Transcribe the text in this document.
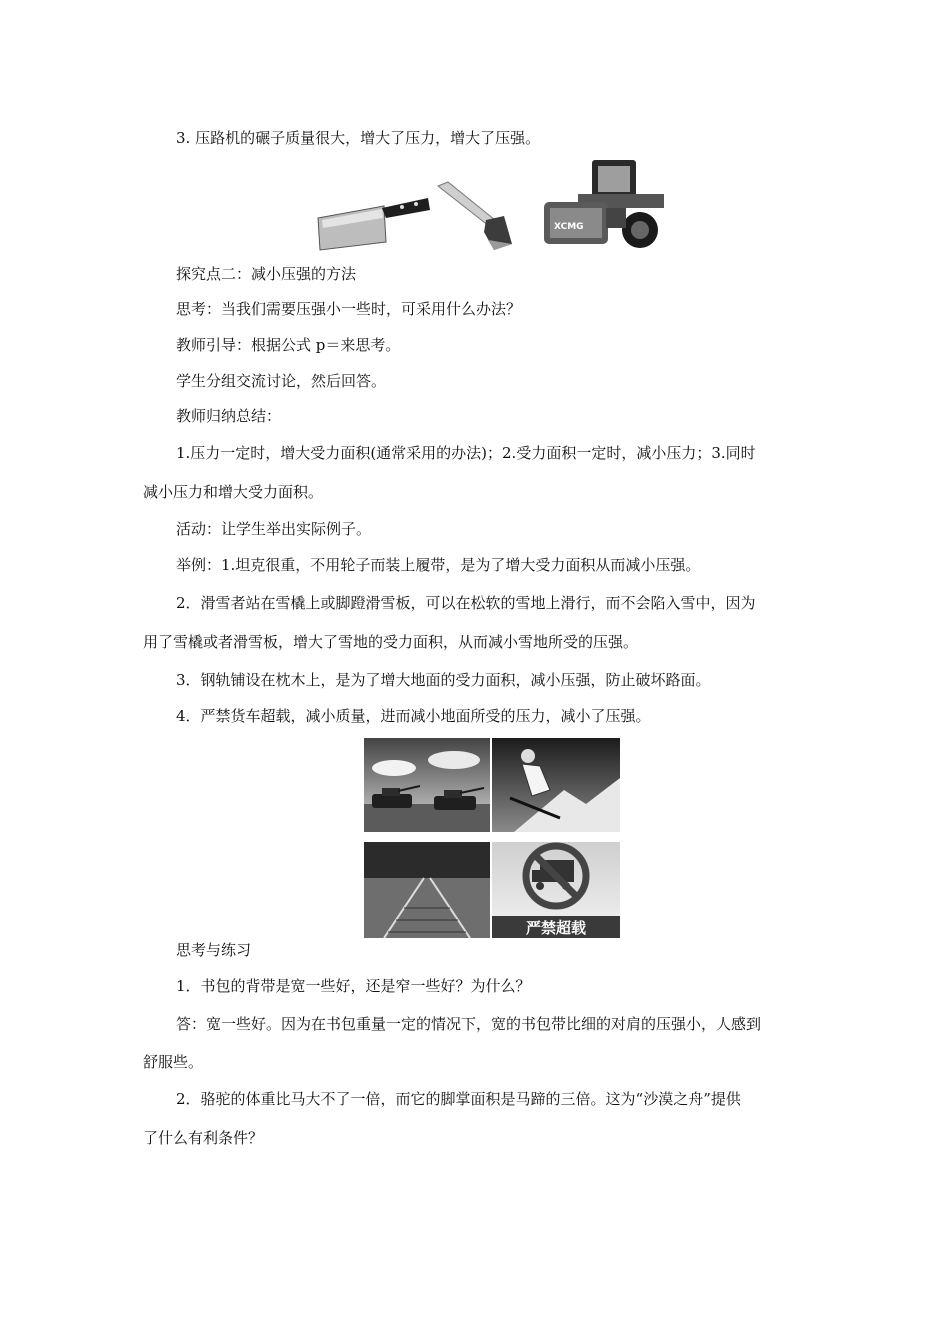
3. 压路机的碾子质量很大，增大了压力，增大了压强。
XCMG
探究点二：减小压强的方法
思考：当我们需要压强小一些时，可采用什么办法？
教师引导：根据公式 p＝来思考。
学生分组交流讨论，然后回答。
教师归纳总结：
1.压力一定时，增大受力面积(通常采用的办法)；2.受力面积一定时，减小压力；3.同时
减小压力和增大受力面积。
活动：让学生举出实际例子。
举例：1.坦克很重，不用轮子而装上履带，是为了增大受力面积从而减小压强。
2．滑雪者站在雪橇上或脚蹬滑雪板，可以在松软的雪地上滑行，而不会陷入雪中，因为
用了雪橇或者滑雪板，增大了雪地的受力面积，从而减小雪地所受的压强。
3．钢轨铺设在枕木上，是为了增大地面的受力面积，减小压强，防止破坏路面。
4．严禁货车超载，减小质量，进而减小地面所受的压力，减小了压强。
严禁超载
思考与练习
1．书包的背带是宽一些好，还是窄一些好？为什么？
答：宽一些好。因为在书包重量一定的情况下，宽的书包带比细的对肩的压强小，人感到
舒服些。
2．骆驼的体重比马大不了一倍，而它的脚掌面积是马蹄的三倍。这为“沙漠之舟”提供
了什么有利条件？
